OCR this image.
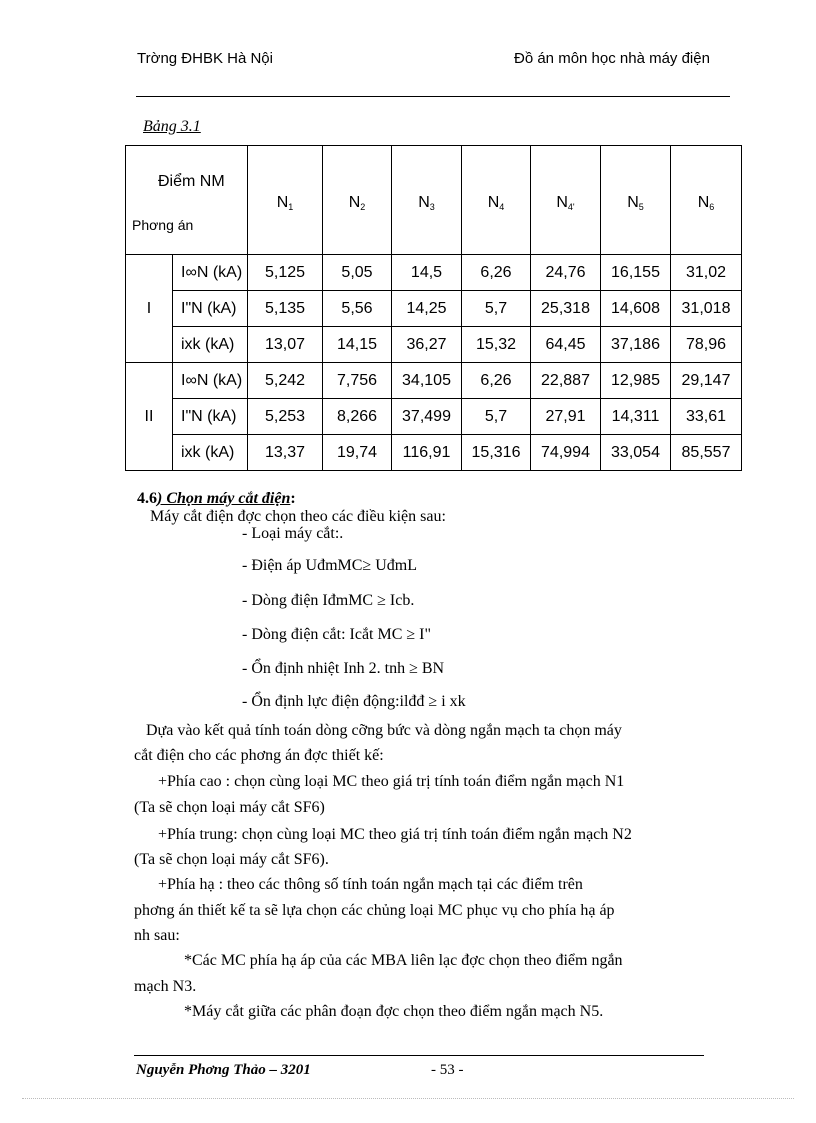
Trờng ĐHBK Hà Nội	Đồ án môn học nhà máy điện
Bảng 3.1
Điểm NM
Phơng án		$N_1$	$N_2$	$N_3$	$N_4$	$N_{4'}$	$N_5$	$N_6$
I	I∞N (kA)	5,125	5,05	14,5	6,26	24,76	16,155	31,02
	I"N (kA)	5,135	5,56	14,25	5,7	25,318	14,608	31,018
	ixk (kA)	13,07	14,15	36,27	15,32	64,45	37,186	78,96
II	I∞N (kA)	5,242	7,756	34,105	6,26	22,887	12,985	29,147
	I"N (kA)	5,253	8,266	37,499	5,7	27,91	14,311	33,61
	ixk (kA)	13,37	19,74	116,91	15,316	74,994	33,054	85,557
4.6) Chọn máy cắt điện:
Máy cắt điện đợc chọn theo các điều kiện sau:
- Loại máy cắt:.
- Điện áp UđmMC≥ UđmL
- Dòng điện IđmMC ≥ Icb.
- Dòng điện cắt: Icắt MC ≥ I"
- Ổn định nhiệt Inh 2. tnh ≥ BN
- Ổn định lực điện động:ilđđ ≥ i xk
Dựa vào kết quả tính toán dòng cỡng bức và dòng ngắn mạch ta chọn máy
cắt điện cho các phơng án đợc thiết kế:
+Phía cao : chọn cùng loại MC theo giá trị tính toán điểm ngắn mạch N1
(Ta sẽ chọn loại máy cắt SF6)
+Phía trung: chọn cùng loại MC theo giá trị tính toán điểm ngắn mạch N2
(Ta sẽ chọn loại máy cắt SF6).
+Phía hạ : theo các thông số tính toán ngắn mạch tại các điểm trên
phơng án thiết kế ta sẽ lựa chọn các chủng loại MC phục vụ cho phía hạ áp
nh sau:
*Các MC phía hạ áp của các MBA liên lạc đợc chọn theo điểm ngắn
mạch N3.
*Máy cắt giữa các phân đoạn đợc chọn theo điểm ngắn mạch N5.
Nguyễn Phơng Thảo – 3201	- 53 -
